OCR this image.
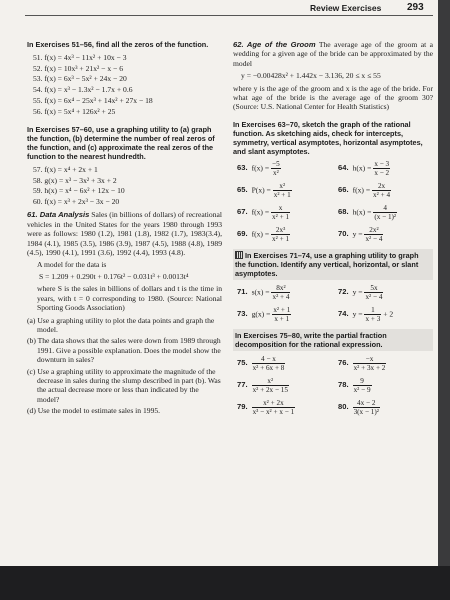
Review Exercises	293
In Exercises 51–56, find all the zeros of the function.
51. f(x) = 4x³ − 11x² + 10x − 3
52. f(x) = 10x³ + 21x² − x − 6
53. f(x) = 6x³ − 5x² + 24x − 20
54. f(x) = x³ − 1.3x² − 1.7x + 0.6
55. f(x) = 6x⁴ − 25x³ + 14x² + 27x − 18
56. f(x) = 5x⁴ + 126x² + 25
In Exercises 57–60, use a graphing utility to (a) graph the function, (b) determine the number of real zeros of the function, and (c) approximate the real zeros of the function to the nearest hundredth.
57. f(x) = x⁴ + 2x + 1
58. g(x) = x³ − 3x² + 3x + 2
59. h(x) = x⁴ − 6x² + 12x − 10
60. f(x) = x³ + 2x³ − 3x − 20
61. Data Analysis Sales (in billions of dollars) of recreational vehicles in the United States for the years 1980 through 1993 were as follows: 1980 (1.2), 1981 (1.8), 1982 (1.7), 1983(3.4), 1984 (4.1), 1985 (3.5), 1986 (3.9), 1987 (4.5), 1988 (4.8), 1989 (4.5), 1990 (4.1), 1991 (3.6), 1992 (4.4), 1993 (4.8).
A model for the data is
S = 1.209 + 0.290t + 0.176t² − 0.031t³ + 0.0013t⁴
where S is the sales in billions of dollars and t is the time in years, with t = 0 corresponding to 1980. (Source: National Sporting Goods Association)
(a) Use a graphing utility to plot the data points and graph the model.
(b) The data shows that the sales were down from 1989 through 1991. Give a possible explanation. Does the model show the downturn in sales?
(c) Use a graphing utility to approximate the magnitude of the decrease in sales during the slump described in part (b). Was the actual decrease more or less than indicated by the model?
(d) Use the model to estimate sales in 1995.
62. Age of the Groom The average age of the groom at a wedding for a given age of the bride can be approximated by the model
y = −0.00428x² + 1.442x − 3.136, 20 ≤ x ≤ 55
where y is the age of the groom and x is the age of the bride. For what age of the bride is the average age of the groom 30? (Source: U.S. National Center for Health Statistics)
In Exercises 63–70, sketch the graph of the rational function. As sketching aids, check for intercepts, symmetry, vertical asymptotes, horizontal asymptotes, and slant asymptotes.
63. $f(x) = \frac{-5}{\text{x²}}$	64. $h(x) = \frac{x - 3}{x - 2}$
65. $P(x) = \frac{\text{x²}}{\text{x² + 1}}$	66. $f(x) = \frac{2x}{\text{x² + 4}}$
67. $f(x) = \frac{x}{\text{x² + 1}}$	68. $h(x) = \frac{4}{\text{(x − 1)²}}$
69. $f(x) = \frac{\text{2x³}}{\text{x² + 1}}$	70. $y = \frac{\text{2x²}}{\text{x² − 4}}$
In Exercises 71–74, use a graphing utility to graph the function. Identify any vertical, horizontal, or slant asymptotes.
71. $s(x) = \frac{\text{8x²}}{\text{x² + 4}}$	72. $y = \frac{5x}{\text{x² − 4}}$
73. $g(x) = \frac{\text{x² + 1}}{x + 1}$	74. $y = \frac{1}{x + 3} + 2$
In Exercises 75–80, write the partial fraction decomposition for the rational expression.
75. $\frac{4 - x}{\text{x² + 6x + 8}}$	76. $\frac{-x}{\text{x² + 3x + 2}}$
77. $\frac{\text{x²}}{\text{x² + 2x − 15}}$	78. $\frac{9}{\text{x² − 9}}$
79. $\frac{\text{x² + 2x}}{\text{x³ − x² + x − 1}}$	80. $\frac{4x - 2}{\text{3(x − 1)²}}$
